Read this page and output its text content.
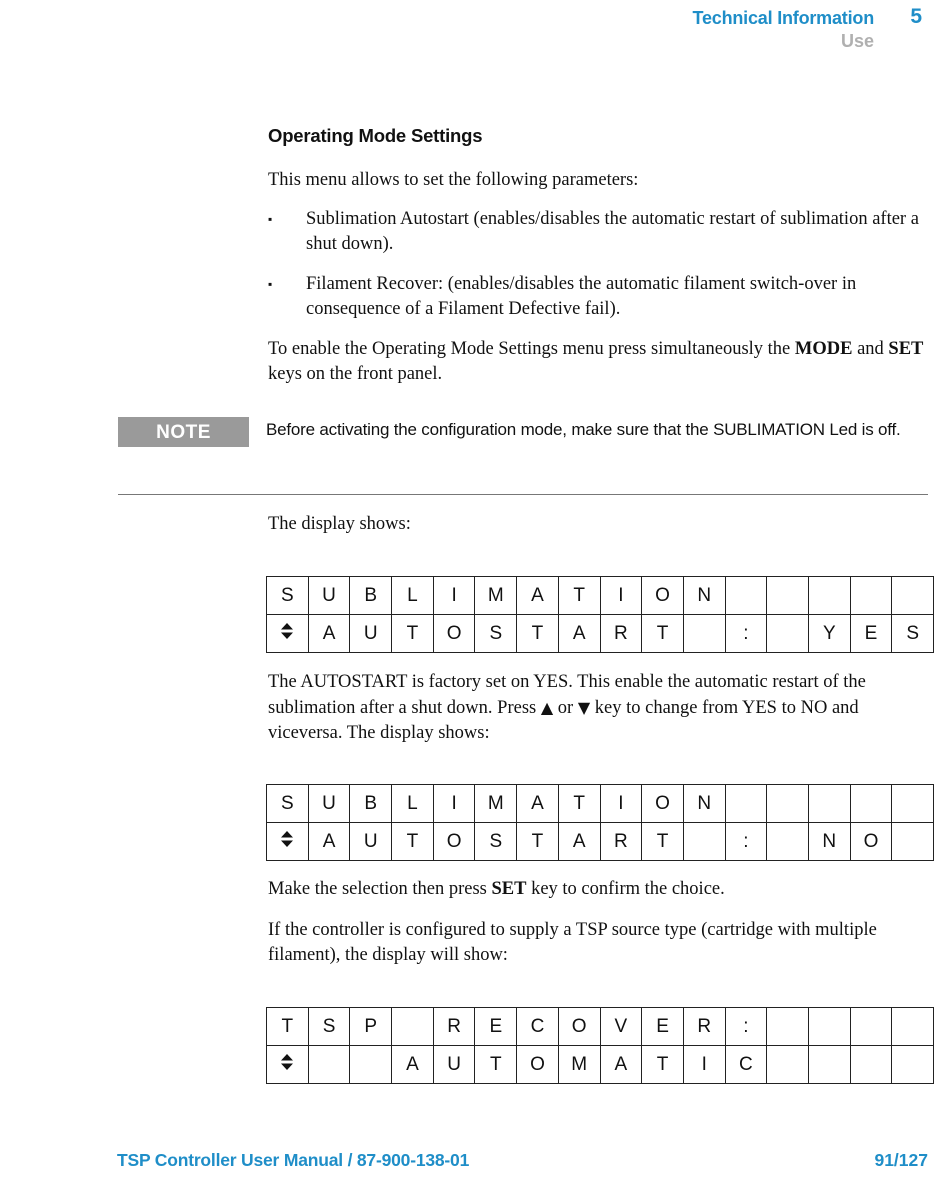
Technical Information 5
Use
Operating Mode Settings
This menu allows to set the following parameters:
▪ Sublimation Autostart (enables/disables the automatic restart of sublimation after a shut down).
▪ Filament Recover: (enables/disables the automatic filament switch-over in consequence of a Filament Defective fail).
To enable the Operating Mode Settings menu press simultaneously the MODE and SET keys on the front panel.
NOTE	Before activating the configuration mode, make sure that the SUBLIMATION Led is off.
The display shows:
S	U	B	L	I	M	A	T	I	O	N					

	A	U	T	O	S	T	A	R	T		:		Y	E	S
The AUTOSTART is factory set on YES. This enable the automatic restart of the sublimation after a shut down. Press ▲ or ▼ key to change from YES to NO and viceversa. The display shows:
S	U	B	L	I	M	A	T	I	O	N					

	A	U	T	O	S	T	A	R	T		:		N	O	
Make the selection then press SET key to confirm the choice.
If the controller is configured to supply a TSP source type (cartridge with multiple filament), the display will show:
T	S	P		R	E	C	O	V	E	R	:				

			A	U	T	O	M	A	T	I	C				
TSP Controller User Manual / 87-900-138-01	91/127
